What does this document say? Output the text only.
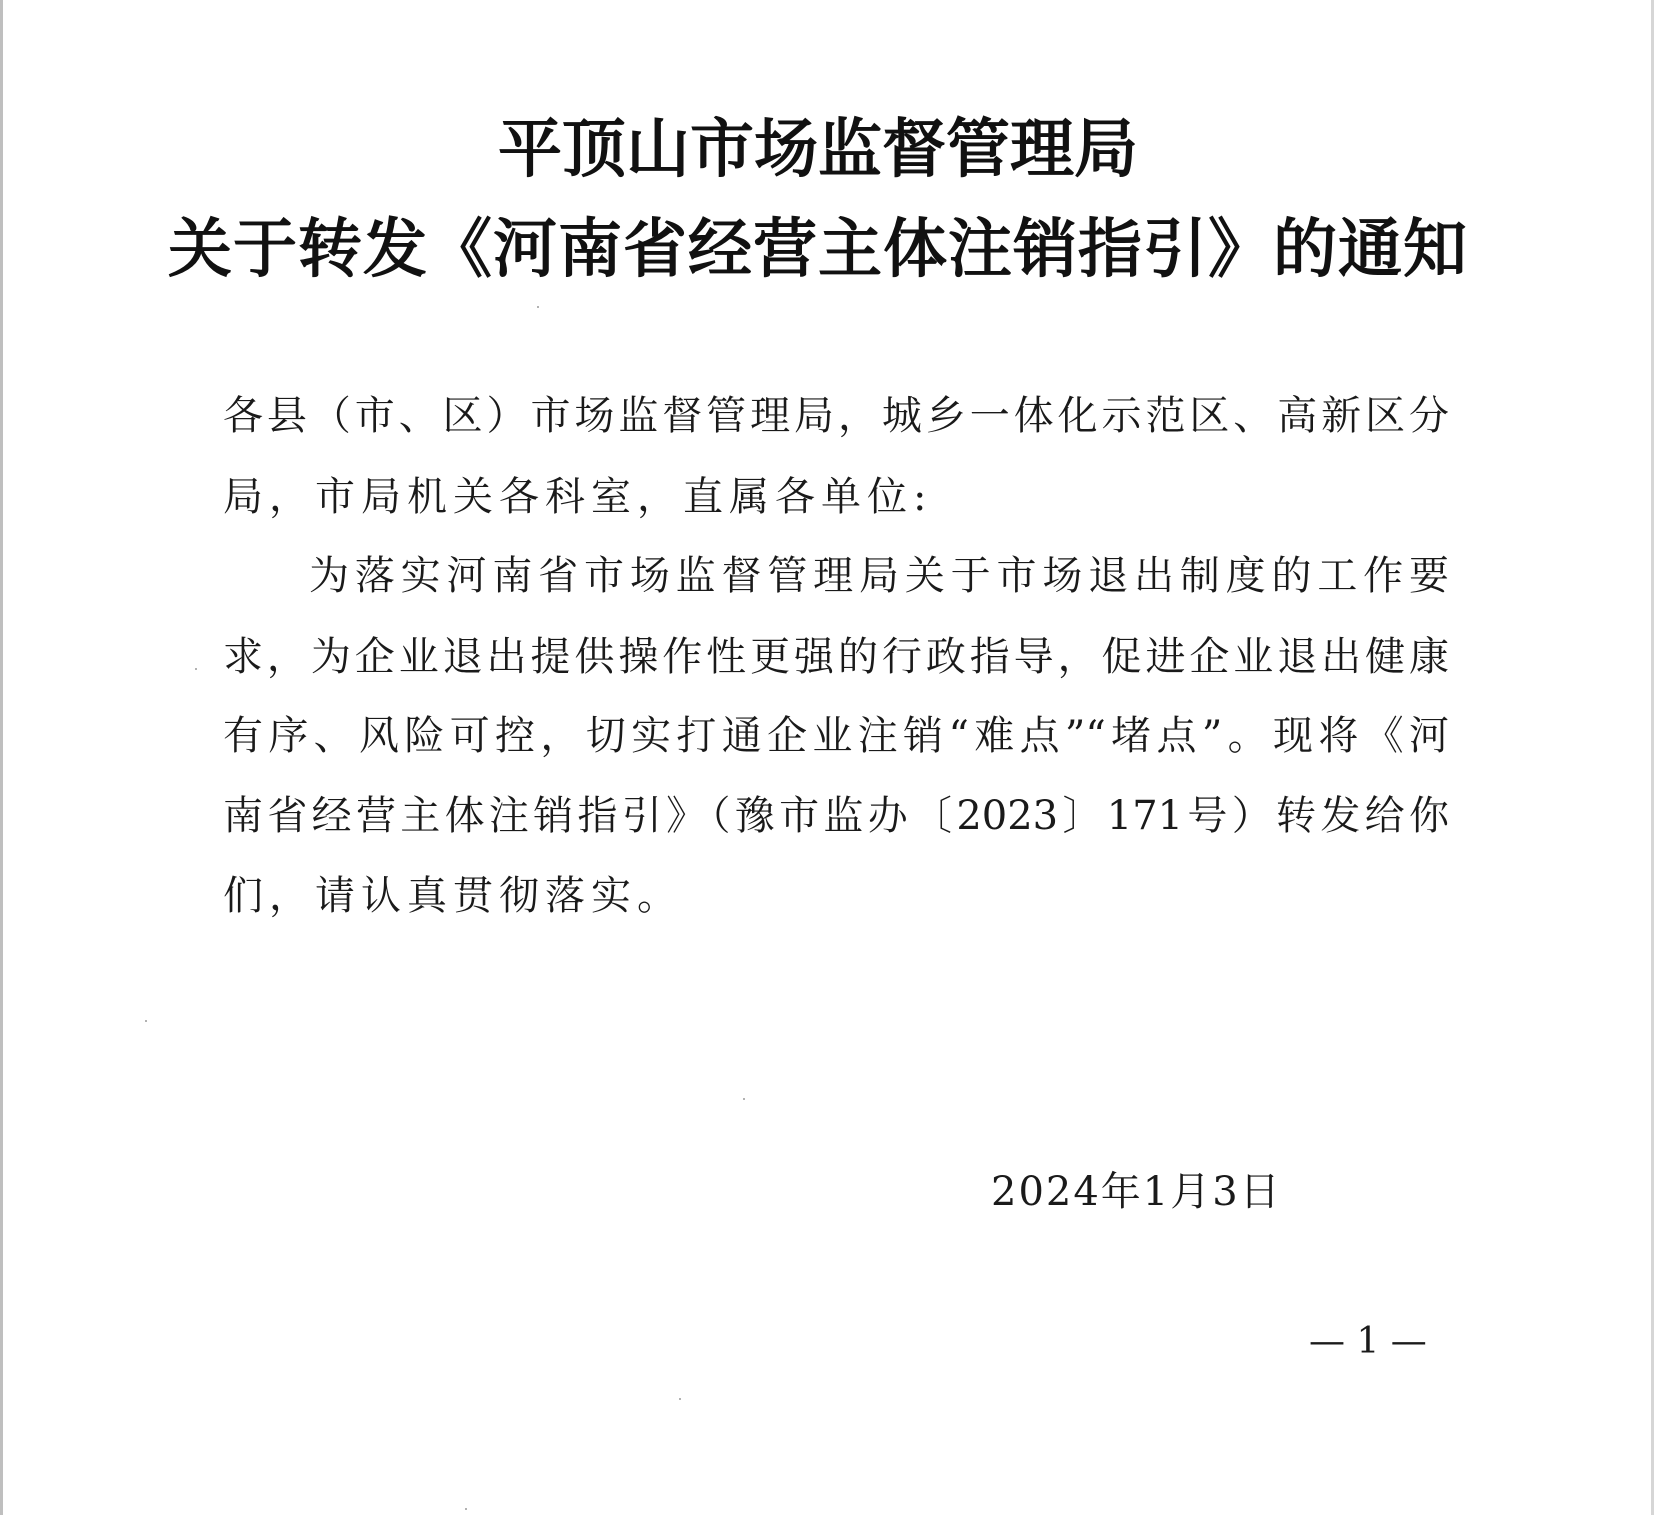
平顶山市场监督管理局
关于转发《河南省经营主体注销指引》的通知
各县（市、区）市场监督管理局，城乡一体化示范区、高新区分
局，市局机关各科室，直属各单位:
为落实河南省市场监督管理局关于市场退出制度的工作要
求，为企业退出提供操作性更强的行政指导，促进企业退出健康
有序、风险可控，切实打通企业注销“难点”“堵点”。现将《河
南省经营主体注销指引》（豫市监办〔2023〕171号）转发给你
们，请认真贯彻落实。
2024年1月3日
— 1 —
